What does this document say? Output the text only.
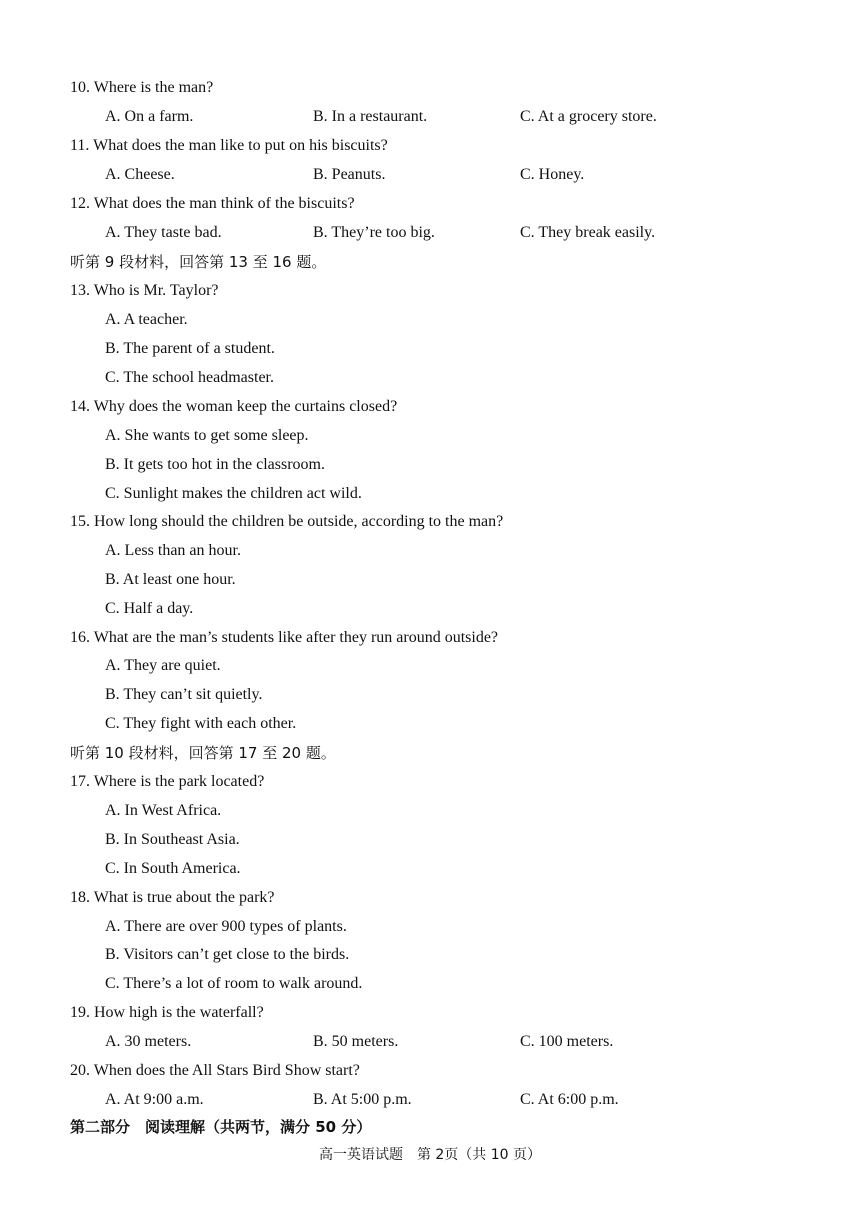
10. Where is the man?
A. On a farm.	B. In a restaurant.	C. At a grocery store.
11. What does the man like to put on his biscuits?
A. Cheese.	B. Peanuts.	C. Honey.
12. What does the man think of the biscuits?
A. They taste bad.	B. They’re too big.	C. They break easily.
听第 9 段材料，回答第 13 至 16 题。
13. Who is Mr. Taylor?
A. A teacher.
B. The parent of a student.
C. The school headmaster.
14. Why does the woman keep the curtains closed?
A. She wants to get some sleep.
B. It gets too hot in the classroom.
C. Sunlight makes the children act wild.
15. How long should the children be outside, according to the man?
A. Less than an hour.
B. At least one hour.
C. Half a day.
16. What are the man’s students like after they run around outside?
A. They are quiet.
B. They can’t sit quietly.
C. They fight with each other.
听第 10 段材料，回答第 17 至 20 题。
17. Where is the park located?
A. In West Africa.
B. In Southeast Asia.
C. In South America.
18. What is true about the park?
A. There are over 900 types of plants.
B. Visitors can’t get close to the birds.
C. There’s a lot of room to walk around.
19. How high is the waterfall?
A. 30 meters.	B. 50 meters.	C. 100 meters.
20. When does the All Stars Bird Show start?
A. At 9:00 a.m.	B. At 5:00 p.m.	C. At 6:00 p.m.
第二部分　阅读理解（共两节，满分 50 分）
高一英语试题　第 2页（共 10 页）
